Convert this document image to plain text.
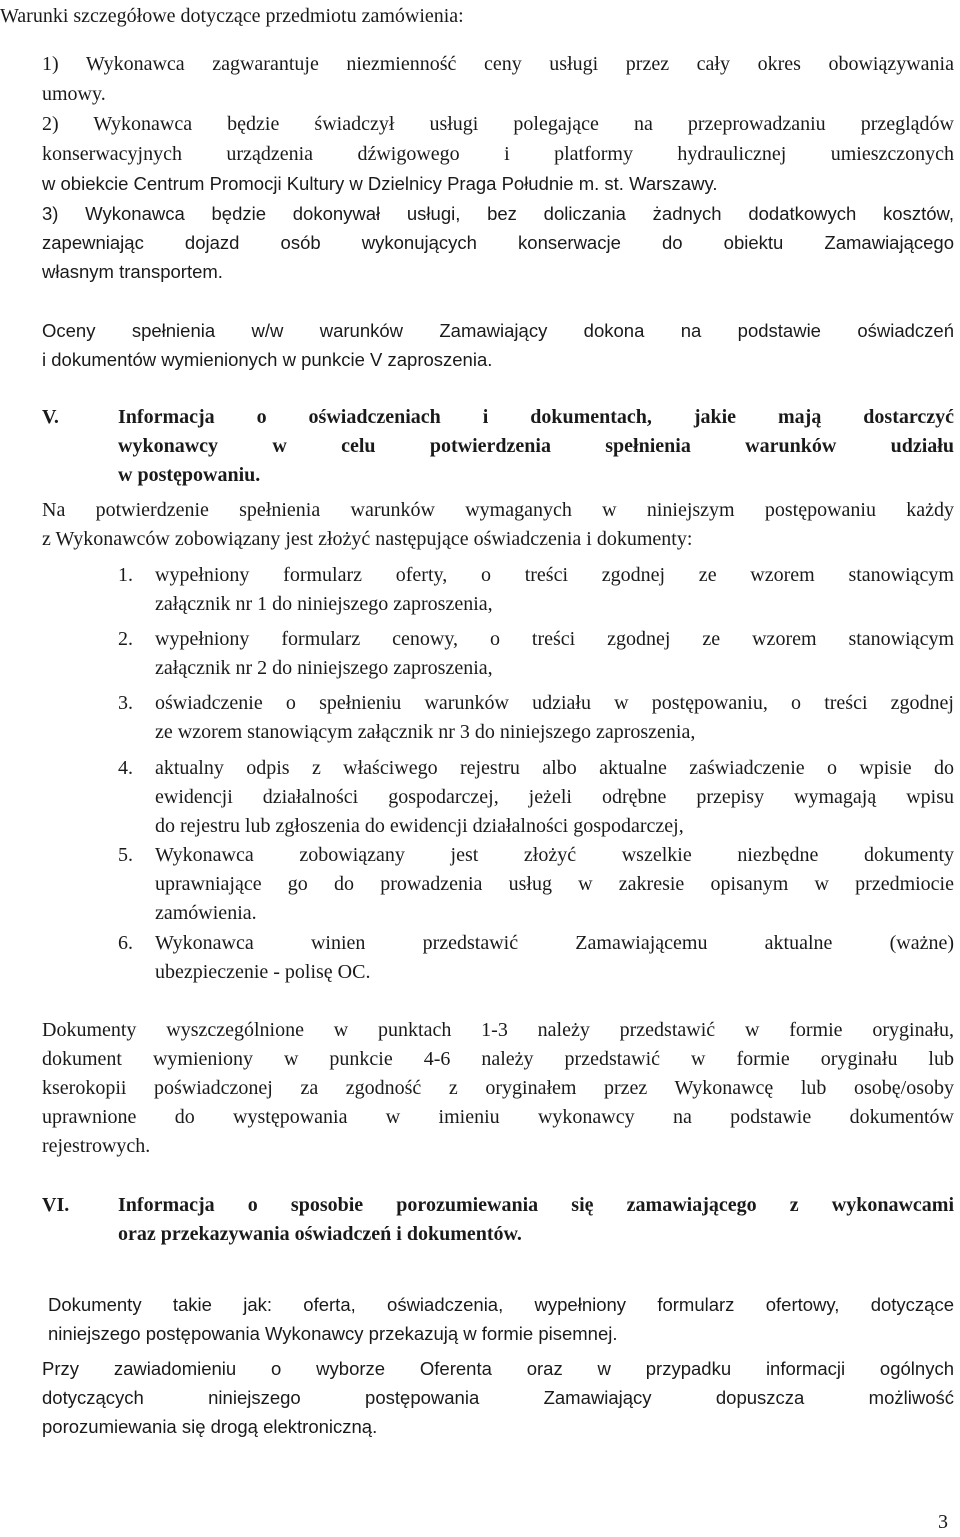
Warunki szczegółowe dotyczące przedmiotu zamówienia:
1) Wykonawca zagwarantuje niezmienność ceny usługi przez cały okres obowiązywania
umowy.
2) Wykonawca będzie świadczył usługi polegające na przeprowadzaniu przeglądów
konserwacyjnych urządzenia dźwigowego i platformy hydraulicznej umieszczonych
w obiekcie Centrum Promocji Kultury w Dzielnicy Praga Południe m. st. Warszawy.
3) Wykonawca będzie dokonywał usługi, bez doliczania żadnych dodatkowych kosztów,
zapewniając dojazd osób wykonujących konserwacje do obiektu Zamawiającego
własnym transportem.
Oceny spełnienia w/w warunków Zamawiający dokona na podstawie oświadczeń
i dokumentów wymienionych w punkcie V zaproszenia.
V.	Informacja o oświadczeniach i dokumentach, jakie mają dostarczyć
wykonawcy w celu potwierdzenia spełnienia warunków udziału
w postępowaniu.
Na potwierdzenie spełnienia warunków wymaganych w niniejszym postępowaniu każdy
z Wykonawców zobowiązany jest złożyć następujące oświadczenia i dokumenty:
1. wypełniony formularz oferty, o treści zgodnej ze wzorem stanowiącym
załącznik nr 1 do niniejszego zaproszenia,
2. wypełniony formularz cenowy, o treści zgodnej ze wzorem stanowiącym
załącznik nr 2 do niniejszego zaproszenia,
3. oświadczenie o spełnieniu warunków udziału w postępowaniu, o treści zgodnej
ze wzorem stanowiącym załącznik nr 3 do niniejszego zaproszenia,
4. aktualny odpis z właściwego rejestru albo aktualne zaświadczenie o wpisie do
ewidencji działalności gospodarczej, jeżeli odrębne przepisy wymagają wpisu
do rejestru lub zgłoszenia do ewidencji działalności gospodarczej,
5. Wykonawca zobowiązany jest złożyć wszelkie niezbędne dokumenty
uprawniające go do prowadzenia usług w zakresie opisanym w przedmiocie
zamówienia.
6. Wykonawca winien przedstawić Zamawiającemu aktualne (ważne)
ubezpieczenie - polisę OC.
Dokumenty wyszczególnione w punktach 1-3 należy przedstawić w formie oryginału,
dokument wymieniony w punkcie 4-6 należy przedstawić w formie oryginału lub
kserokopii poświadczonej za zgodność z oryginałem przez Wykonawcę lub osobę/osoby
uprawnione do występowania w imieniu wykonawcy na podstawie dokumentów
rejestrowych.
VI. Informacja o sposobie porozumiewania się zamawiającego z wykonawcami
oraz przekazywania oświadczeń i dokumentów.
Dokumenty takie jak: oferta, oświadczenia, wypełniony formularz ofertowy, dotyczące
niniejszego postępowania Wykonawcy przekazują w formie pisemnej.
Przy zawiadomieniu o wyborze Oferenta oraz w przypadku informacji ogólnych
dotyczących niniejszego postępowania Zamawiający dopuszcza możliwość
porozumiewania się drogą elektroniczną.
3
